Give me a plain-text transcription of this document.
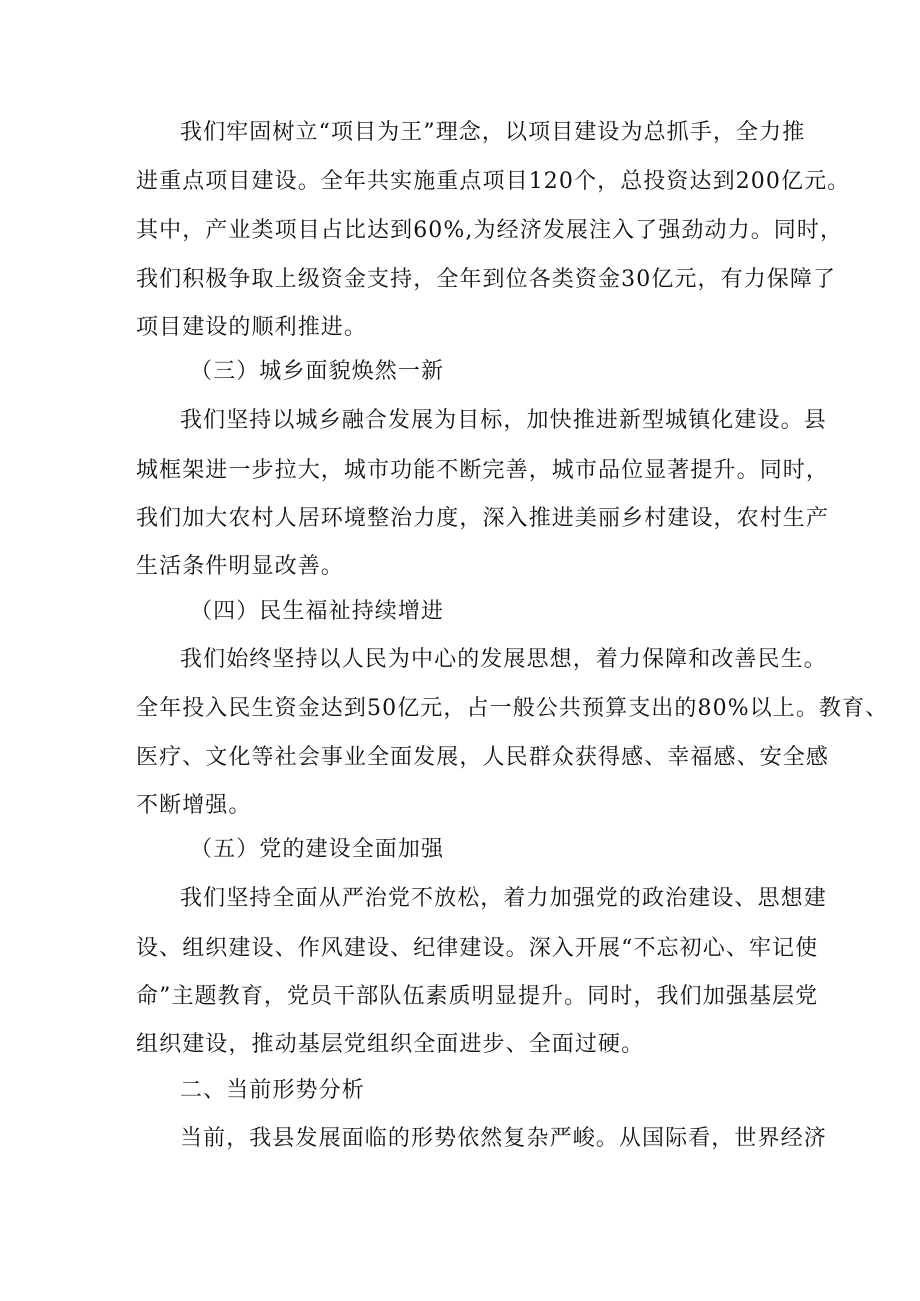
我们牢固树立“项目为王”理念，以项目建设为总抓手，全力推

进重点项目建设。全年共实施重点项目120个，总投资达到200亿元。

其中，产业类项目占比达到60%,为经济发展注入了强劲动力。同时，

我们积极争取上级资金支持，全年到位各类资金30亿元，有力保障了

项目建设的顺利推进。

（三）城乡面貌焕然一新

我们坚持以城乡融合发展为目标，加快推进新型城镇化建设。县

城框架进一步拉大，城市功能不断完善，城市品位显著提升。同时，

我们加大农村人居环境整治力度，深入推进美丽乡村建设，农村生产

生活条件明显改善。

（四）民生福祉持续增进

我们始终坚持以人民为中心的发展思想，着力保障和改善民生。

全年投入民生资金达到50亿元，占一般公共预算支出的80%以上。教育、

医疗、文化等社会事业全面发展，人民群众获得感、幸福感、安全感

不断增强。

（五）党的建设全面加强

我们坚持全面从严治党不放松，着力加强党的政治建设、思想建

设、组织建设、作风建设、纪律建设。深入开展“不忘初心、牢记使

命”主题教育，党员干部队伍素质明显提升。同时，我们加强基层党

组织建设，推动基层党组织全面进步、全面过硬。

二、当前形势分析

当前，我县发展面临的形势依然复杂严峻。从国际看，世界经济
